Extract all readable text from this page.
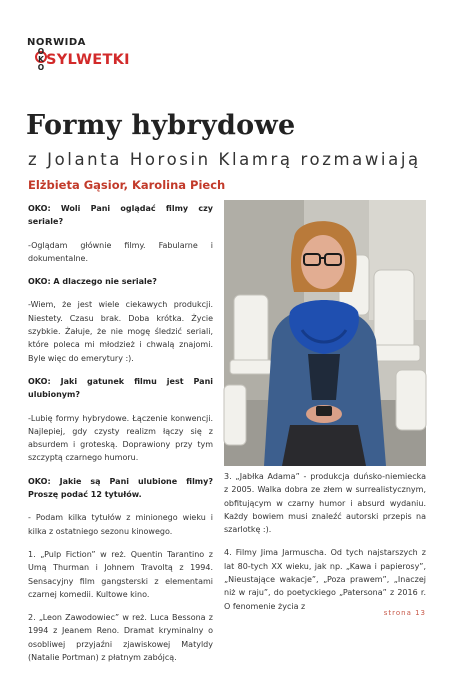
NORWIDA
O
K
O SYLWETKI
Formy hybrydowe
z Jolanta Horosin Klamrą rozmawiają
Elżbieta Gąsior, Karolina Piech

OKO: Woli Pani oglądać filmy czy seriale?

-Oglądam głównie filmy. Fabularne i dokumentalne.

OKO: A dlaczego nie seriale?

-Wiem, że jest wiele ciekawych produkcji. Niestety. Czasu brak. Doba krótka. Życie szybkie. Żałuje, że nie mogę śledzić seriali, które poleca mi młodzież i chwalą znajomi. Byle więc do emerytury :).

OKO: Jaki gatunek filmu jest Pani ulubionym?

-Lubię formy hybrydowe. Łączenie konwencji. Najlepiej, gdy czysty realizm łączy się z absurdem i groteską. Doprawiony przy tym szczyptą czarnego humoru.

OKO: Jakie są Pani ulubione filmy? Proszę podać 12 tytułów.

- Podam kilka tytułów z minionego wieku i kilka z ostatniego sezonu kinowego.

1. „Pulp Fiction” w reż. Quentin Tarantino z Umą Thurman i Johnem Travoltą z 1994. Sensacyjny film gangsterski z elementami czarnej komedii. Kultowe kino.

2. „Leon Zawodowiec” w reż. Luca Bessona z 1994 z Jeanem Reno. Dramat kryminalny o osobliwej przyjaźni zjawiskowej Matyldy (Natalie Portman) z płatnym zabójcą.

3. „Jabłka Adama” - produkcja duńsko-niemiecka z 2005. Walka dobra ze złem w surrealistycznym, obfitującym w czarny humor i absurd wydaniu. Każdy bowiem musi znaleźć autorski przepis na szarlotkę :).

4. Filmy Jima Jarmuscha. Od tych najstarszych z lat 80-tych XX wieku, jak np. „Kawa i papierosy”,„Nieustające wakacje”, „Poza prawem”, „Inaczej niż w raju”, do poetyckiego „Patersona” z 2016 r. O fenomenie życia z

strona 13
